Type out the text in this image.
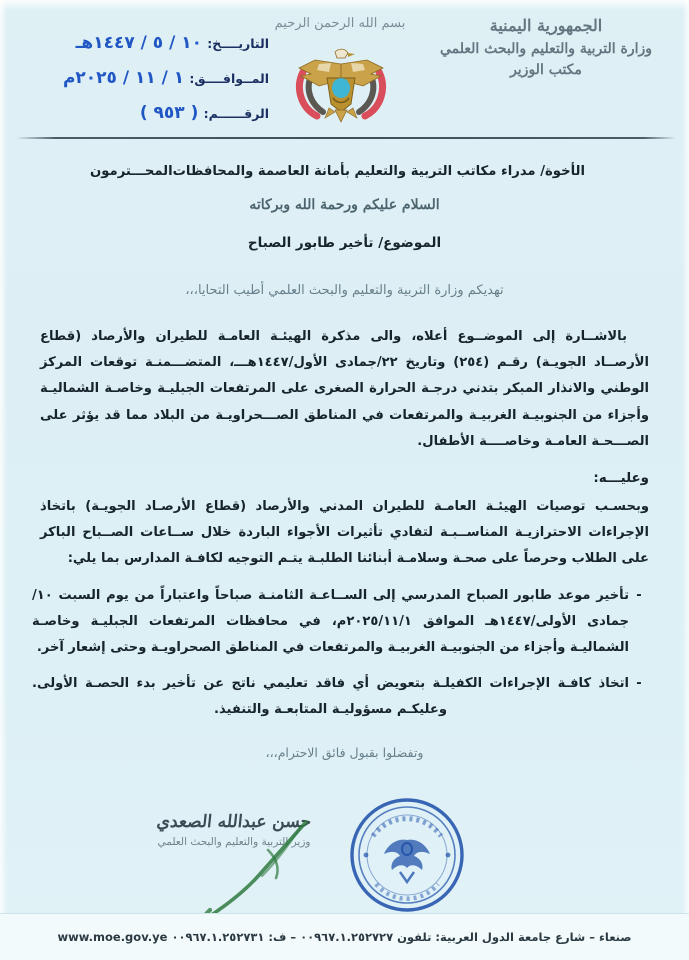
الجمهورية اليمنية
وزارة التربية والتعليم والبحث العلمي
مكتب الوزير
بسم الله الرحمن الرحيم
التاريــــخ: ١٠ / ٥ / ١٤٤٧هـ
المــوافــــق: ١ / ١١ / ٢٠٢٥م
الرقــــــم: ( ٩٥٣ )
الأخوة/ مدراء مكاتب التربية والتعليم بأمانة العاصمة والمحافظات
المحـــترمون
السلام عليكم ورحمة الله وبركاته
الموضوع/ تأخير طابور الصباح
تهديكم وزارة التربية والتعليم والبحث العلمي أطيب التحايا،،،
بالاشــارة إلى الموضــوع أعلاه، والى مذكرة الهيئـة العامـة للطيران والأرصاد (قطاع الأرصــاد الجويـة) رقـم (٢٥٤) وتاريخ ٢٢/جمادى الأول/١٤٤٧هـــ، المتضـــمنـة توقعات المركز الوطني والانذار المبكر بتدني درجـة الحرارة الصغرى على المرتفعات الجبليـة وخاصـة الشماليـة وأجزاء من الجنوبيـة الغربيـة والمرتفعات في المناطق الصـــحراويـة من البلاد مما قد يؤثر على الصـــحـة العامـة وخاصــــة الأطفال.
وعليـــه:
وبحسـب توصيات الهيئـة العامـة للطيران المدني والأرصاد (قطاع الأرصـاد الجويـة) باتخاذ الإجراءات الاحترازيـة المناســبـة لتفادي تأثيرات الأجواء الباردة خلال ســاعات الصــباح الباكر على الطلاب وحرصاً على صحـة وسلامـة أبنائنا الطلبـة يتـم التوجيه لكافـة المدارس بما يلي:
-
تأخير موعد طابور الصباح المدرسي إلى الســاعـة الثامنـة صباحاً واعتباراً من يوم السبت ١٠/جمادى الأولى/١٤٤٧هـ الموافق ٢٠٢٥/١١/١م، في محافظات المرتفعات الجبليـة وخاصـة الشماليـة وأجزاء من الجنوبيـة الغربيـة والمرتفعات في المناطق الصحراويـة وحتى إشعار آخر.
-
اتخاذ كافـة الإجراءات الكفيلـة بتعويض أي فاقد تعليمي ناتج عن تأخير بدء الحصـة الأولى. وعليكـم مسؤوليـة المتابعـة والتنفيذ.
وتفضلوا بقبول فائق الاحترام،،،
حسن عبدالله الصعدي
وزير التربية والتعليم والبحث العلمي
صنعاء – شارع جامعة الدول العربية: تلفون ٠٠٩٦٧.١.٢٥٢٧٢٧ – ف: ٠٠٩٦٧.١.٢٥٢٧٣١ www.moe.gov.ye
